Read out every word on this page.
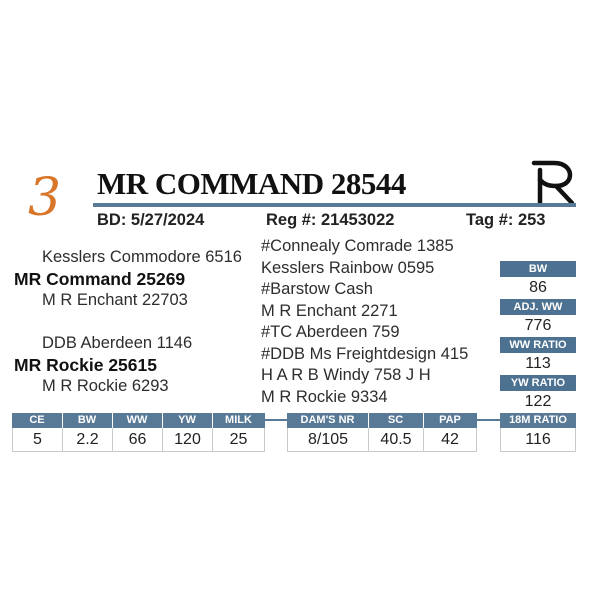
3 MR COMMAND 28544
BD: 5/27/2024	Reg #: 21453022	Tag #: 253
Kesslers Commodore 6516
MR Command 25269
M R Enchant 22703
DDB Aberdeen 1146
MR Rockie 25615
M R Rockie 6293
#Connealy Comrade 1385
Kesslers Rainbow 0595
#Barstow Cash
M R Enchant 2271
#TC Aberdeen 759
#DDB Ms Freightdesign 415
H A R B Windy 758 J H
M R Rockie 9334
BW
86
ADJ. WW
776
WW RATIO
113
YW RATIO
122
CE	BW	WW	YW	MILK	DAM'S NR	SC	PAP	18M RATIO
5	2.2	66	120	25	8/105	40.5	42	116
